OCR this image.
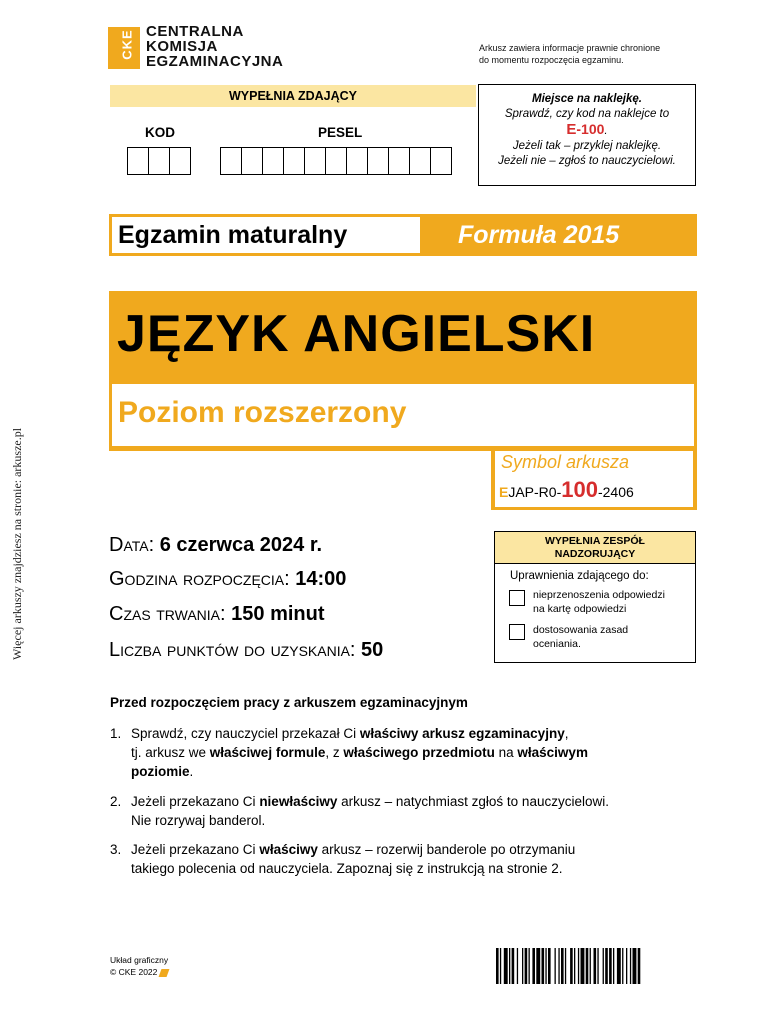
Więcej arkuszy znajdziesz na stronie: arkusze.pl
CKE CENTRALNA
KOMISJA
EGZAMINACYJNA
Arkusz zawiera informacje prawnie chronione
do momentu rozpoczęcia egzaminu.
WYPEŁNIA ZDAJĄCY
KOD	PESEL
Miejsce na naklejkę.
Sprawdź, czy kod na naklejce to
E-100.
Jeżeli tak – przyklej naklejkę.
Jeżeli nie – zgłoś to nauczycielowi.
Egzamin maturalny	Formuła 2015
JĘZYK ANGIELSKI
Poziom rozszerzony
Symbol arkusza
E JAP-R0- 100 -2406
Data: 6 czerwca 2024 r.
Godzina rozpoczęcia: 14:00
Czas trwania: 150 minut
Liczba punktów do uzyskania: 50
WYPEŁNIA ZESPÓŁ
NADZORUJĄCY
Uprawnienia zdającego do:
nieprzenoszenia odpowiedzi
na kartę odpowiedzi
dostosowania zasad
oceniania.
Przed rozpoczęciem pracy z arkuszem egzaminacyjnym
1. Sprawdź, czy nauczyciel przekazał Ci właściwy arkusz egzaminacyjny,
tj. arkusz we właściwej formule, z właściwego przedmiotu na właściwym
poziomie.
2. Jeżeli przekazano Ci niewłaściwy arkusz – natychmiast zgłoś to nauczycielowi.
Nie rozrywaj banderol.
3. Jeżeli przekazano Ci właściwy arkusz – rozerwij banderole po otrzymaniu
takiego polecenia od nauczyciela. Zapoznaj się z instrukcją na stronie 2.
Układ graficzny
© CKE 2022
